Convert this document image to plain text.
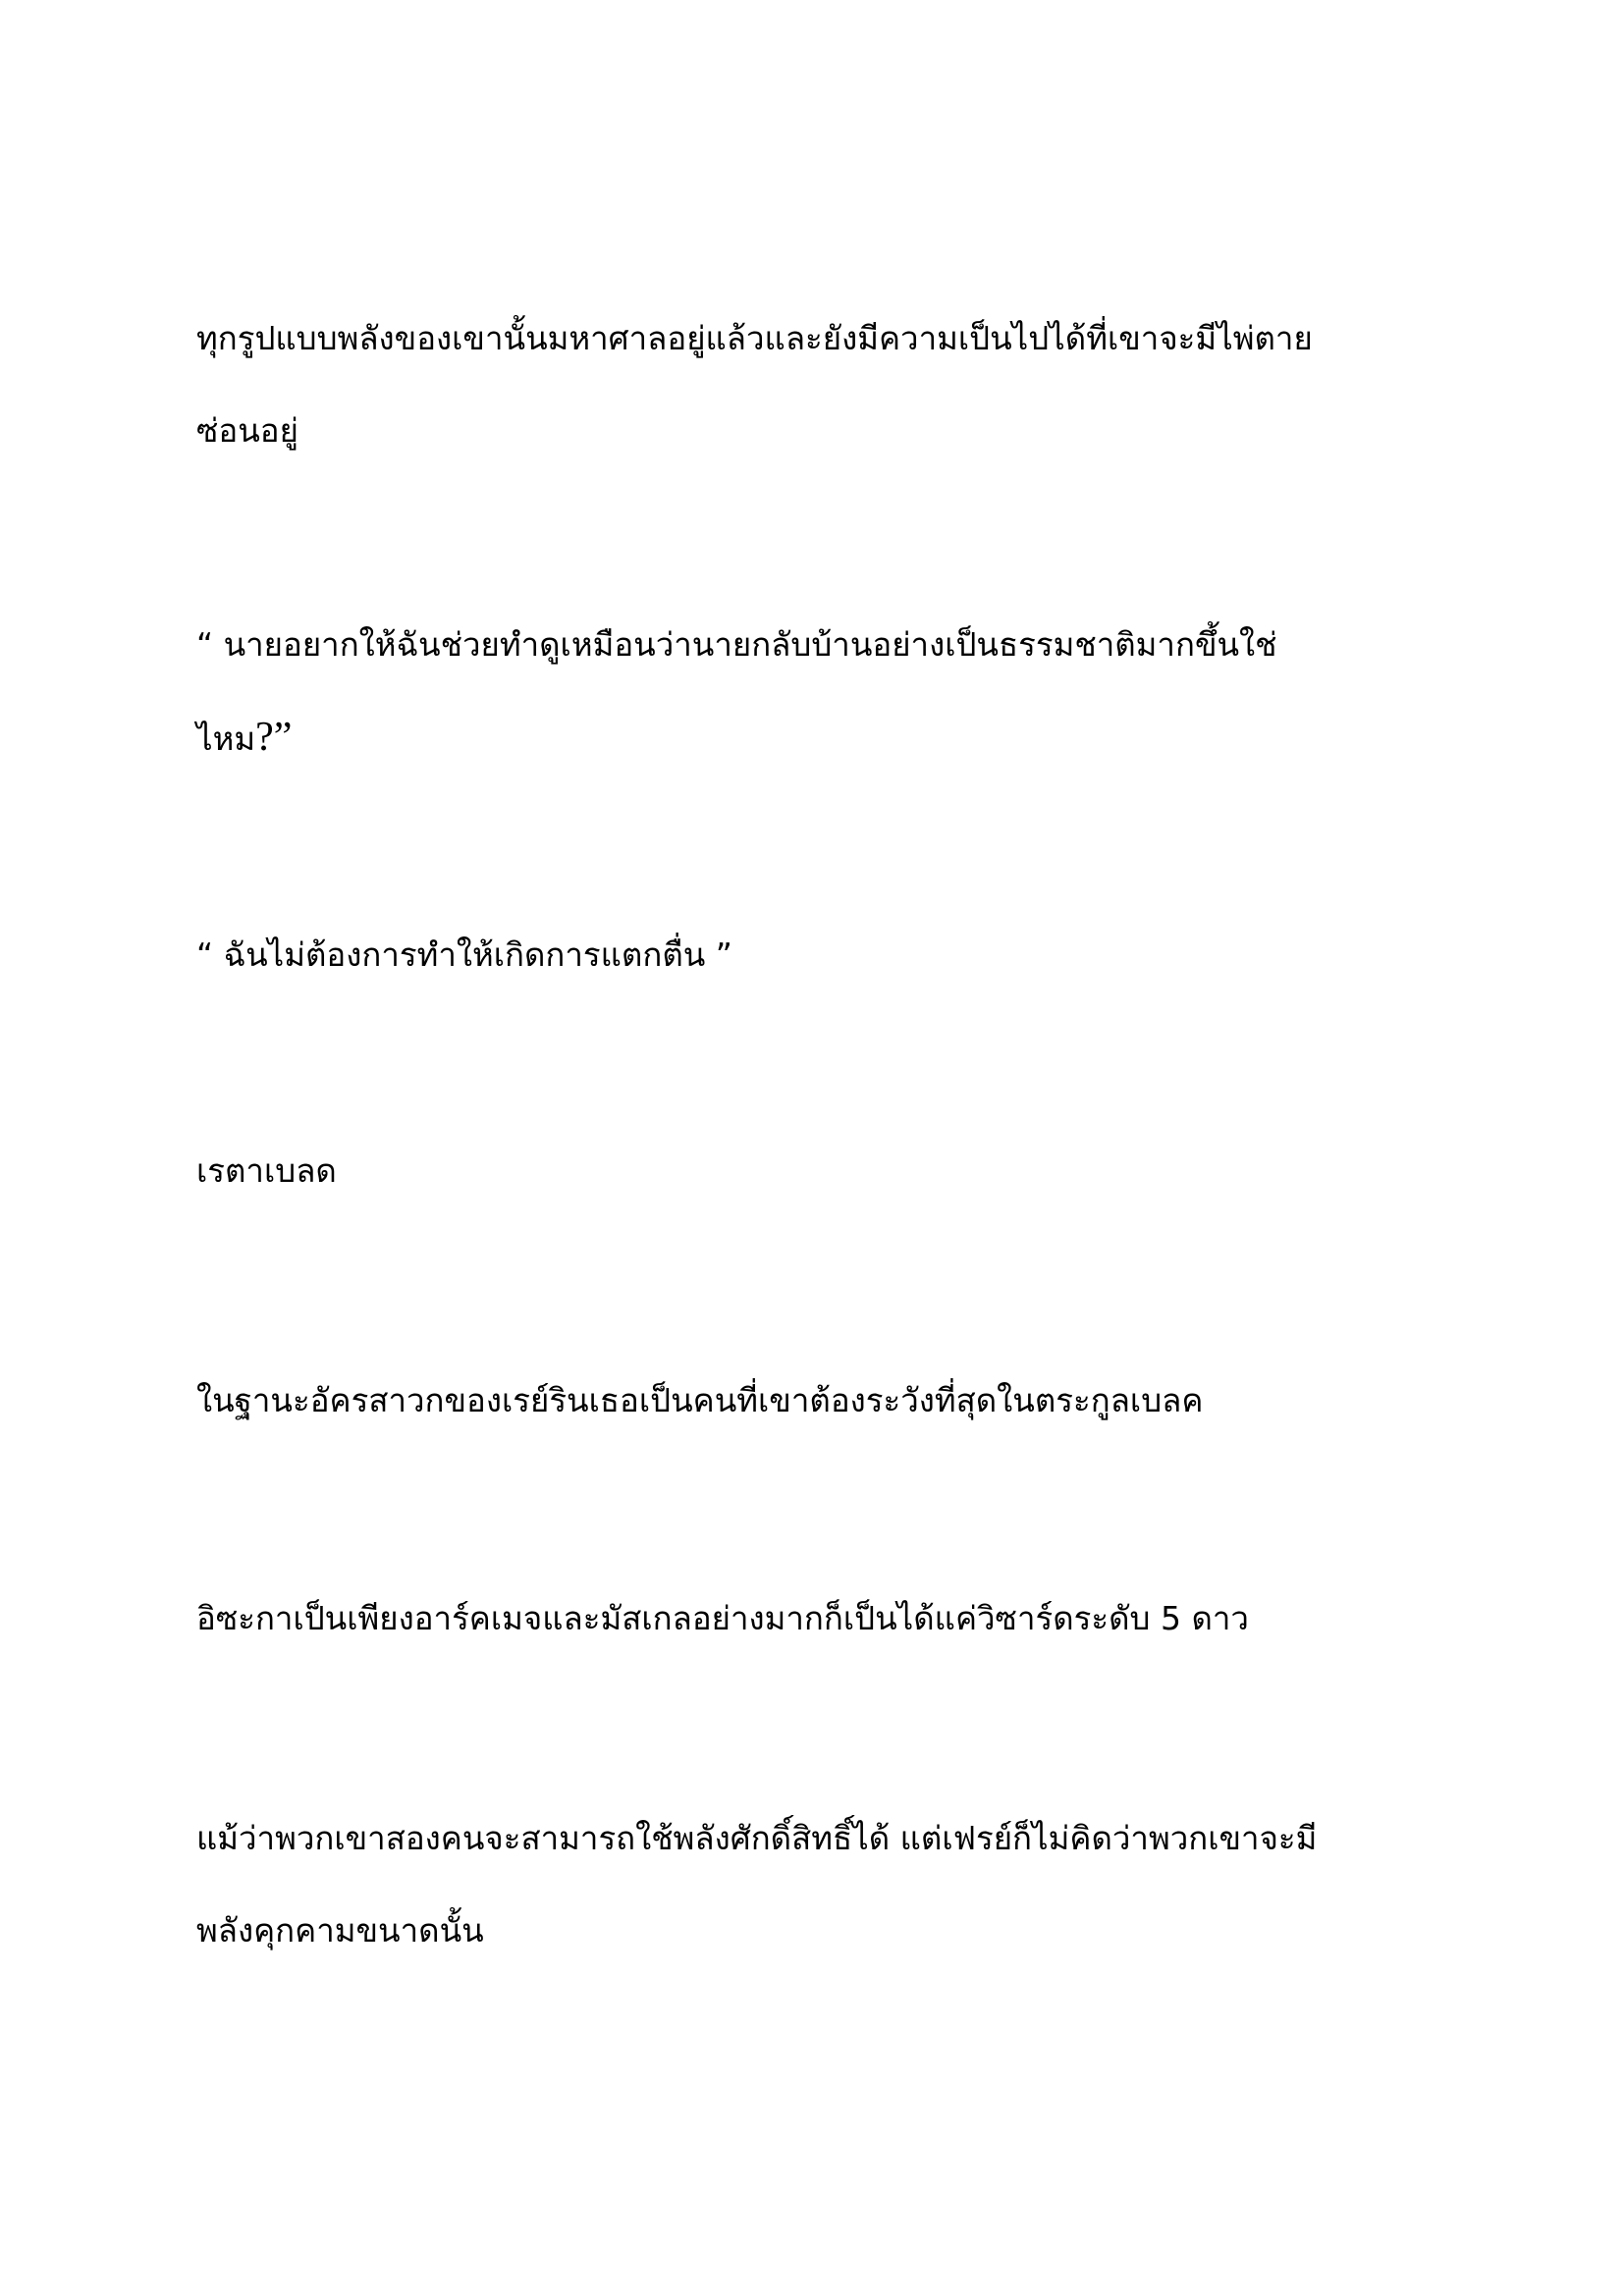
ทุกรูปแบบพลังของเขานั้นมหาศาลอยู่แล้วและยังมีความเป็นไปได้ที่เขาจะมีไพ่ตาย
ซ่อนอยู่
“ นายอยากให้ฉันช่วยทำดูเหมือนว่านายกลับบ้านอย่างเป็นธรรมชาติมากขึ้นใช่
ไหม?”
“ ฉันไม่ต้องการทำให้เกิดการแตกตื่น ”
เรตาเบลด
ในฐานะอัครสาวกของเรย์รินเธอเป็นคนที่เขาต้องระวังที่สุดในตระกูลเบลค
อิซะกาเป็นเพียงอาร์คเมจและมัสเกลอย่างมากก็เป็นได้แค่วิซาร์ดระดับ 5 ดาว
แม้ว่าพวกเขาสองคนจะสามารถใช้พลังศักดิ์สิทธิ์ได้ แต่เฟรย์ก็ไม่คิดว่าพวกเขาจะมี
พลังคุกคามขนาดนั้น
